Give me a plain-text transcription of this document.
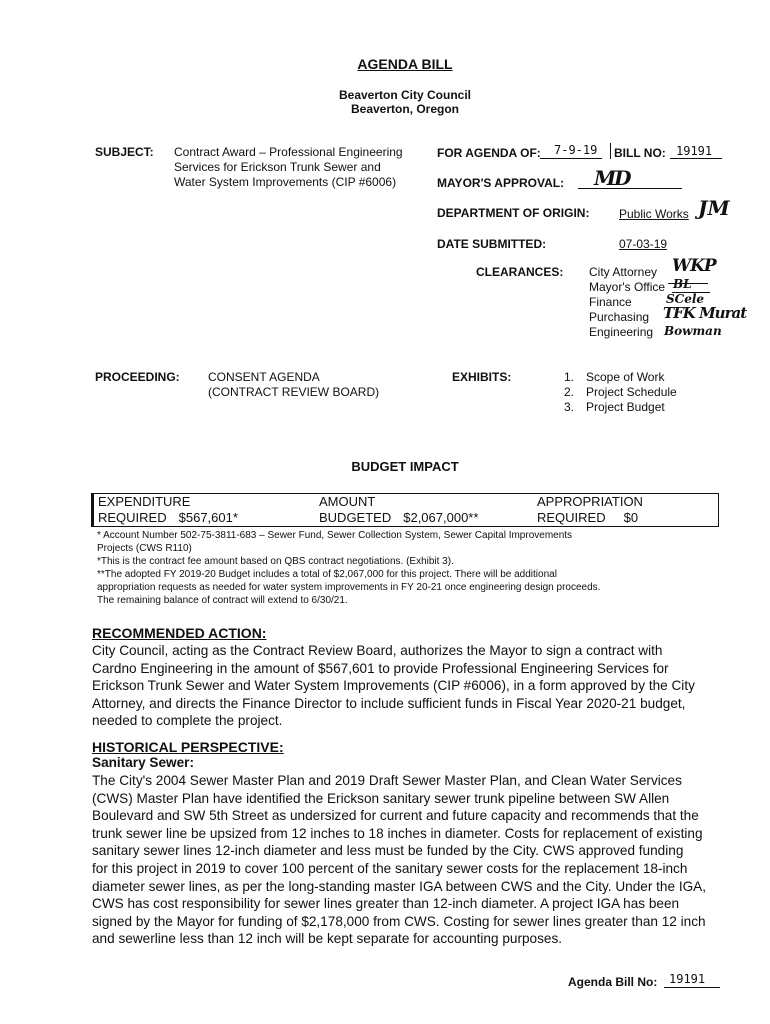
AGENDA BILL
Beaverton City Council
Beaverton, Oregon
SUBJECT: Contract Award – Professional Engineering
Services for Erickson Trunk Sewer and
Water System Improvements (CIP #6006)
FOR AGENDA OF: 7-9-19 BILL NO: 19191
MAYOR'S APPROVAL: MD
DEPARTMENT OF ORIGIN: Public Works JM
DATE SUBMITTED:	07-03-19
CLEARANCES: City Attorney
Mayor's Office
Finance
Purchasing
Engineering
WKP
BL
SCele
TFK Murat
Bowman
PROCEEDING: CONSENT AGENDA
(CONTRACT REVIEW BOARD)
EXHIBITS:	1. Scope of Work
2. Project Schedule
3. Project Budget
BUDGET IMPACT
EXPENDITURE
REQUIRED $567,601*
AMOUNT
BUDGETED $2,067,000**
APPROPRIATION
REQUIRED $0
* Account Number 502-75-3811-683 – Sewer Fund, Sewer Collection System, Sewer Capital Improvements
Projects (CWS R110)
*This is the contract fee amount based on QBS contract negotiations. (Exhibit 3).
**The adopted FY 2019-20 Budget includes a total of $2,067,000 for this project. There will be additional
appropriation requests as needed for water system improvements in FY 20-21 once engineering design proceeds.
The remaining balance of contract will extend to 6/30/21.
RECOMMENDED ACTION:
City Council, acting as the Contract Review Board, authorizes the Mayor to sign a contract with
Cardno Engineering in the amount of $567,601 to provide Professional Engineering Services for
Erickson Trunk Sewer and Water System Improvements (CIP #6006), in a form approved by the City
Attorney, and directs the Finance Director to include sufficient funds in Fiscal Year 2020-21 budget,
needed to complete the project.
HISTORICAL PERSPECTIVE:
Sanitary Sewer:
The City's 2004 Sewer Master Plan and 2019 Draft Sewer Master Plan, and Clean Water Services
(CWS) Master Plan have identified the Erickson sanitary sewer trunk pipeline between SW Allen
Boulevard and SW 5th Street as undersized for current and future capacity and recommends that the
trunk sewer line be upsized from 12 inches to 18 inches in diameter. Costs for replacement of existing
sanitary sewer lines 12-inch diameter and less must be funded by the City. CWS approved funding
for this project in 2019 to cover 100 percent of the sanitary sewer costs for the replacement 18-inch
diameter sewer lines, as per the long-standing master IGA between CWS and the City. Under the IGA,
CWS has cost responsibility for sewer lines greater than 12-inch diameter. A project IGA has been
signed by the Mayor for funding of $2,178,000 from CWS. Costing for sewer lines greater than 12 inch
and sewerline less than 12 inch will be kept separate for accounting purposes.
Agenda Bill No: 19191
